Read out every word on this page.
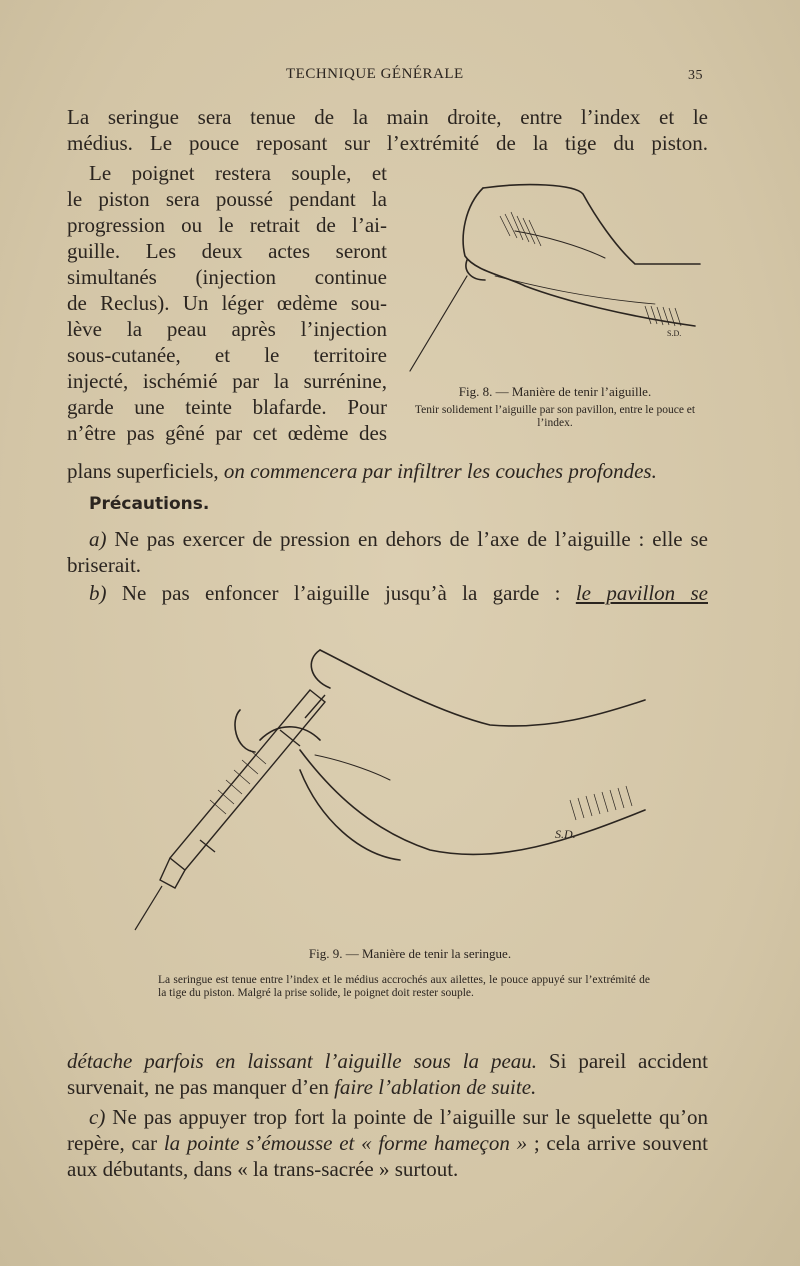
TECHNIQUE GÉNÉRALE	35
La seringue sera tenue de la main droite, entre l’index et le
médius. Le pouce reposant sur l’extrémité de la tige du piston.
Le poignet restera souple, et
le piston sera poussé pendant la
progression ou le retrait de l’ai-
guille. Les deux actes seront
simultanés (injection continue
de Reclus). Un léger œdème sou-
lève la peau après l’injection
sous-cutanée, et le territoire
injecté, ischémié par la surrénine,
garde une teinte blafarde. Pour
n’être pas gêné par cet œdème des
plans superficiels, on commencera par infiltrer les couches profondes.
S.D.
Fig. 8. — Manière de tenir l’aiguille.
Tenir solidement l’aiguille par son pavillon, entre le pouce et l’index.
Précautions.
a) Ne pas exercer de pression en dehors de l’axe de l’aiguille : elle se briserait.
b) Ne pas enfoncer l’aiguille jusqu’à la garde : le pavillon se
S.D.
Fig. 9. — Manière de tenir la seringue.
La seringue est tenue entre l’index et le médius accrochés aux ailettes, le pouce appuyé sur l’extrémité de la tige du piston. Malgré la prise solide, le poignet doit rester souple.
détache parfois en laissant l’aiguille sous la peau. Si pareil accident survenait, ne pas manquer d’en faire l’ablation de suite.
c) Ne pas appuyer trop fort la pointe de l’aiguille sur le squelette qu’on repère, car la pointe s’émousse et « forme hameçon » ; cela arrive souvent aux débutants, dans « la trans-sacrée » surtout.
